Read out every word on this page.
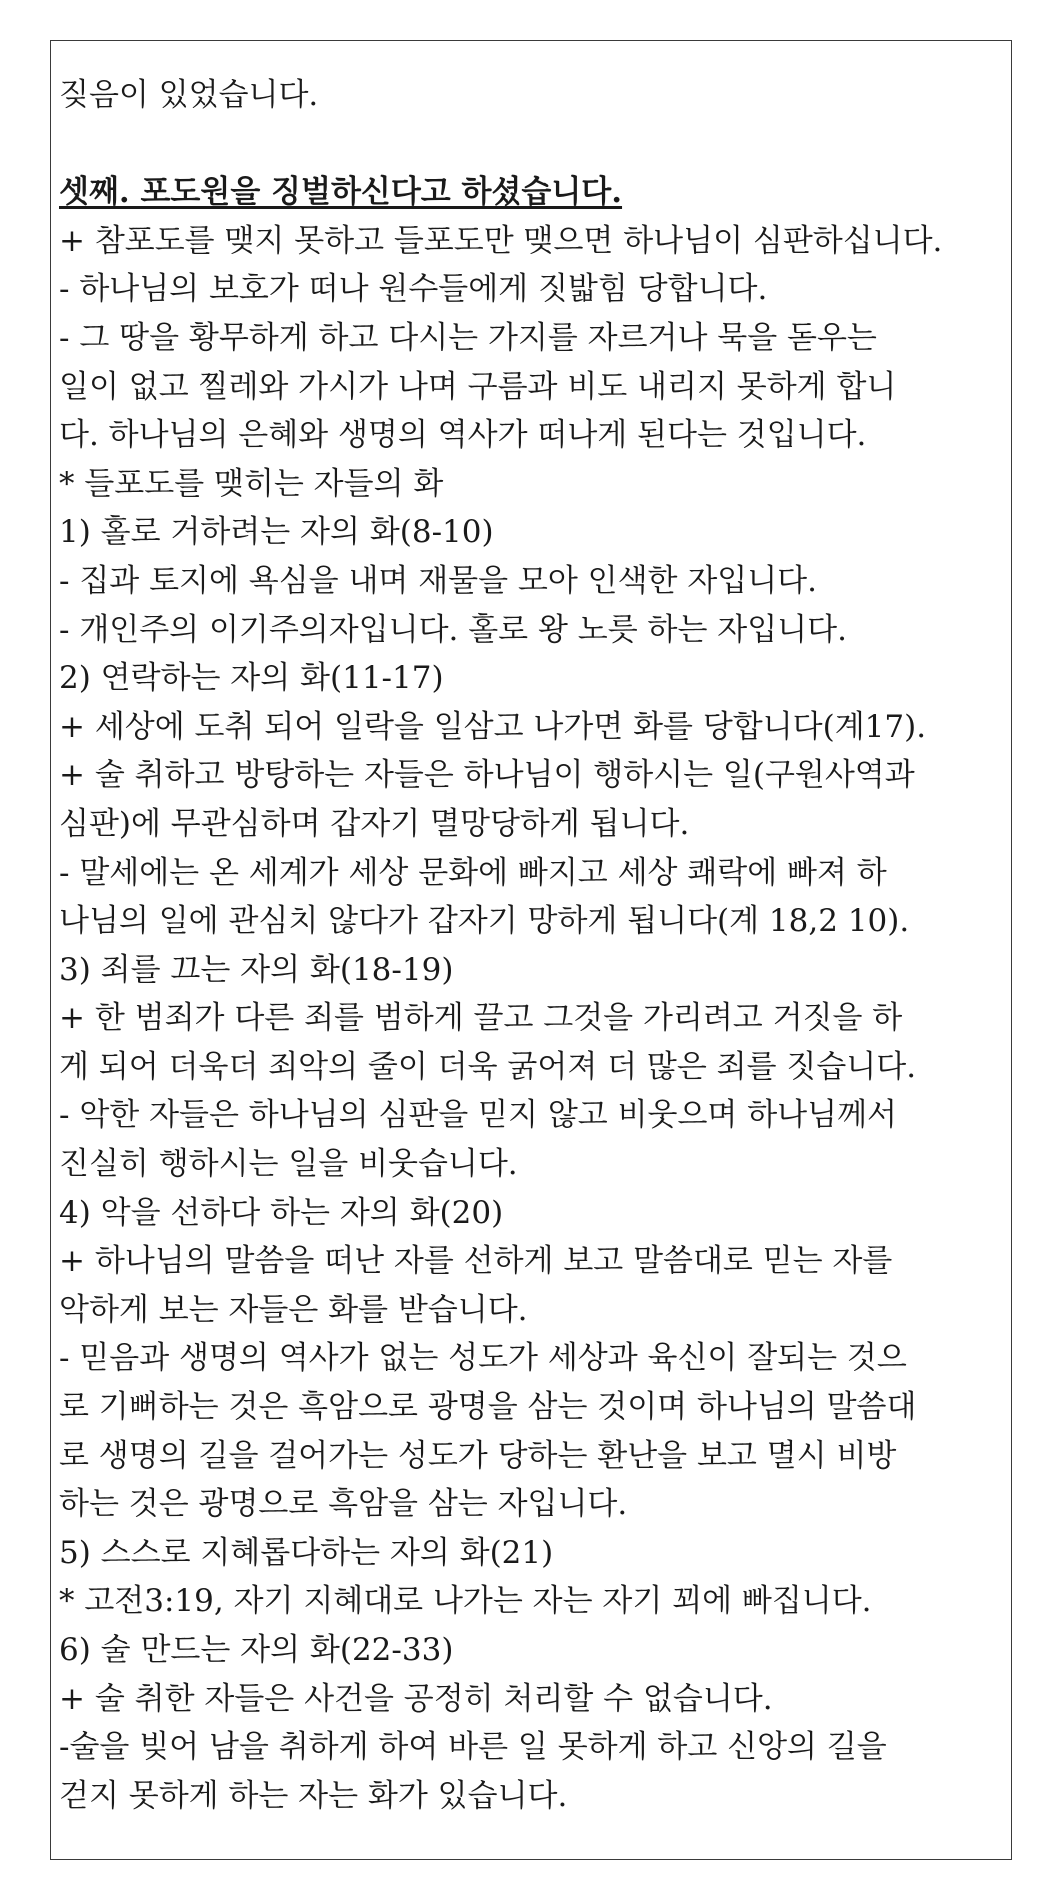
짖음이 있었습니다.
셋째. 포도원을 징벌하신다고 하셨습니다.
+ 참포도를 맺지 못하고 들포도만 맺으면 하나님이 심판하십니다.
- 하나님의 보호가 떠나 원수들에게 짓밟힘 당합니다.
- 그 땅을 황무하게 하고 다시는 가지를 자르거나 묵을 돋우는
일이 없고 찔레와 가시가 나며 구름과 비도 내리지 못하게 합니
다. 하나님의 은혜와 생명의 역사가 떠나게 된다는 것입니다.
* 들포도를 맺히는 자들의 화
1) 홀로 거하려는 자의 화(8-10)
- 집과 토지에 욕심을 내며 재물을 모아 인색한 자입니다.
- 개인주의 이기주의자입니다. 홀로 왕 노릇 하는 자입니다.
2) 연락하는 자의 화(11-17)
+ 세상에 도취 되어 일락을 일삼고 나가면 화를 당합니다(계17).
+ 술 취하고 방탕하는 자들은 하나님이 행하시는 일(구원사역과
심판)에 무관심하며 갑자기 멸망당하게 됩니다.
- 말세에는 온 세계가 세상 문화에 빠지고 세상 쾌락에 빠져 하
나님의 일에 관심치 않다가 갑자기 망하게 됩니다(계 18,2 10).
3) 죄를 끄는 자의 화(18-19)
+ 한 범죄가 다른 죄를 범하게 끌고 그것을 가리려고 거짓을 하
게 되어 더욱더 죄악의 줄이 더욱 굵어져 더 많은 죄를 짓습니다.
- 악한 자들은 하나님의 심판을 믿지 않고 비웃으며 하나님께서
진실히 행하시는 일을 비웃습니다.
4) 악을 선하다 하는 자의 화(20)
+ 하나님의 말씀을 떠난 자를 선하게 보고 말씀대로 믿는 자를
악하게 보는 자들은 화를 받습니다.
- 믿음과 생명의 역사가 없는 성도가 세상과 육신이 잘되는 것으
로 기뻐하는 것은 흑암으로 광명을 삼는 것이며 하나님의 말씀대
로 생명의 길을 걸어가는 성도가 당하는 환난을 보고 멸시 비방
하는 것은 광명으로 흑암을 삼는 자입니다.
5) 스스로 지혜롭다하는 자의 화(21)
* 고전3:19, 자기 지혜대로 나가는 자는 자기 꾀에 빠집니다.
6) 술 만드는 자의 화(22-33)
+ 술 취한 자들은 사건을 공정히 처리할 수 없습니다.
-술을 빚어 남을 취하게 하여 바른 일 못하게 하고 신앙의 길을
걷지 못하게 하는 자는 화가 있습니다.
